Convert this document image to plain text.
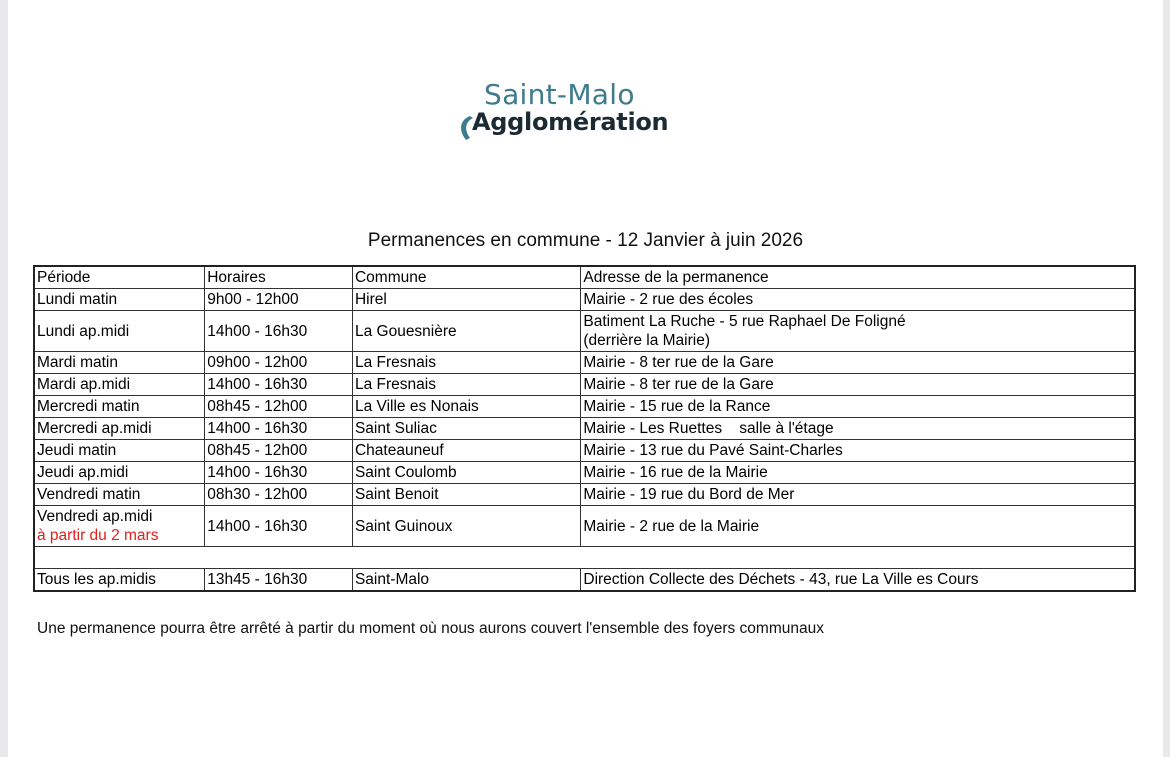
Saint-Malo
Agglomération
Permanences en commune - 12 Janvier à juin 2026
Période	Horaires	Commune	Adresse de la permanence
Lundi matin	9h00 - 12h00	Hirel	Mairie - 2 rue des écoles
Lundi ap.midi	14h00 - 16h30	La Gouesnière	Batiment La Ruche - 5 rue Raphael De Foligné
(derrière la Mairie)

Mardi matin	09h00 - 12h00	La Fresnais	Mairie - 8 ter rue de la Gare
Mardi ap.midi	14h00 - 16h30	La Fresnais	Mairie - 8 ter rue de la Gare
Mercredi matin	08h45 - 12h00	La Ville es Nonais	Mairie - 15 rue de la Rance
Mercredi ap.midi	14h00 - 16h30	Saint Suliac	Mairie - Les Ruettes    salle à l'étage
Jeudi matin	08h45 - 12h00	Chateauneuf	Mairie - 13 rue du Pavé Saint-Charles
Jeudi ap.midi	14h00 - 16h30	Saint Coulomb	Mairie - 16 rue de la Mairie
Vendredi matin	08h30 - 12h00	Saint Benoit	Mairie - 19 rue du Bord de Mer

Vendredi ap.midi
à partir du 2 mars	14h00 - 16h30	Saint Guinoux	Mairie - 2 rue de la Mairie

Tous les ap.midis	13h45 - 16h30	Saint-Malo	Direction Collecte des Déchets - 43, rue La Ville es Cours
Une permanence pourra être arrêté à partir du moment où nous aurons couvert l'ensemble des foyers communaux
